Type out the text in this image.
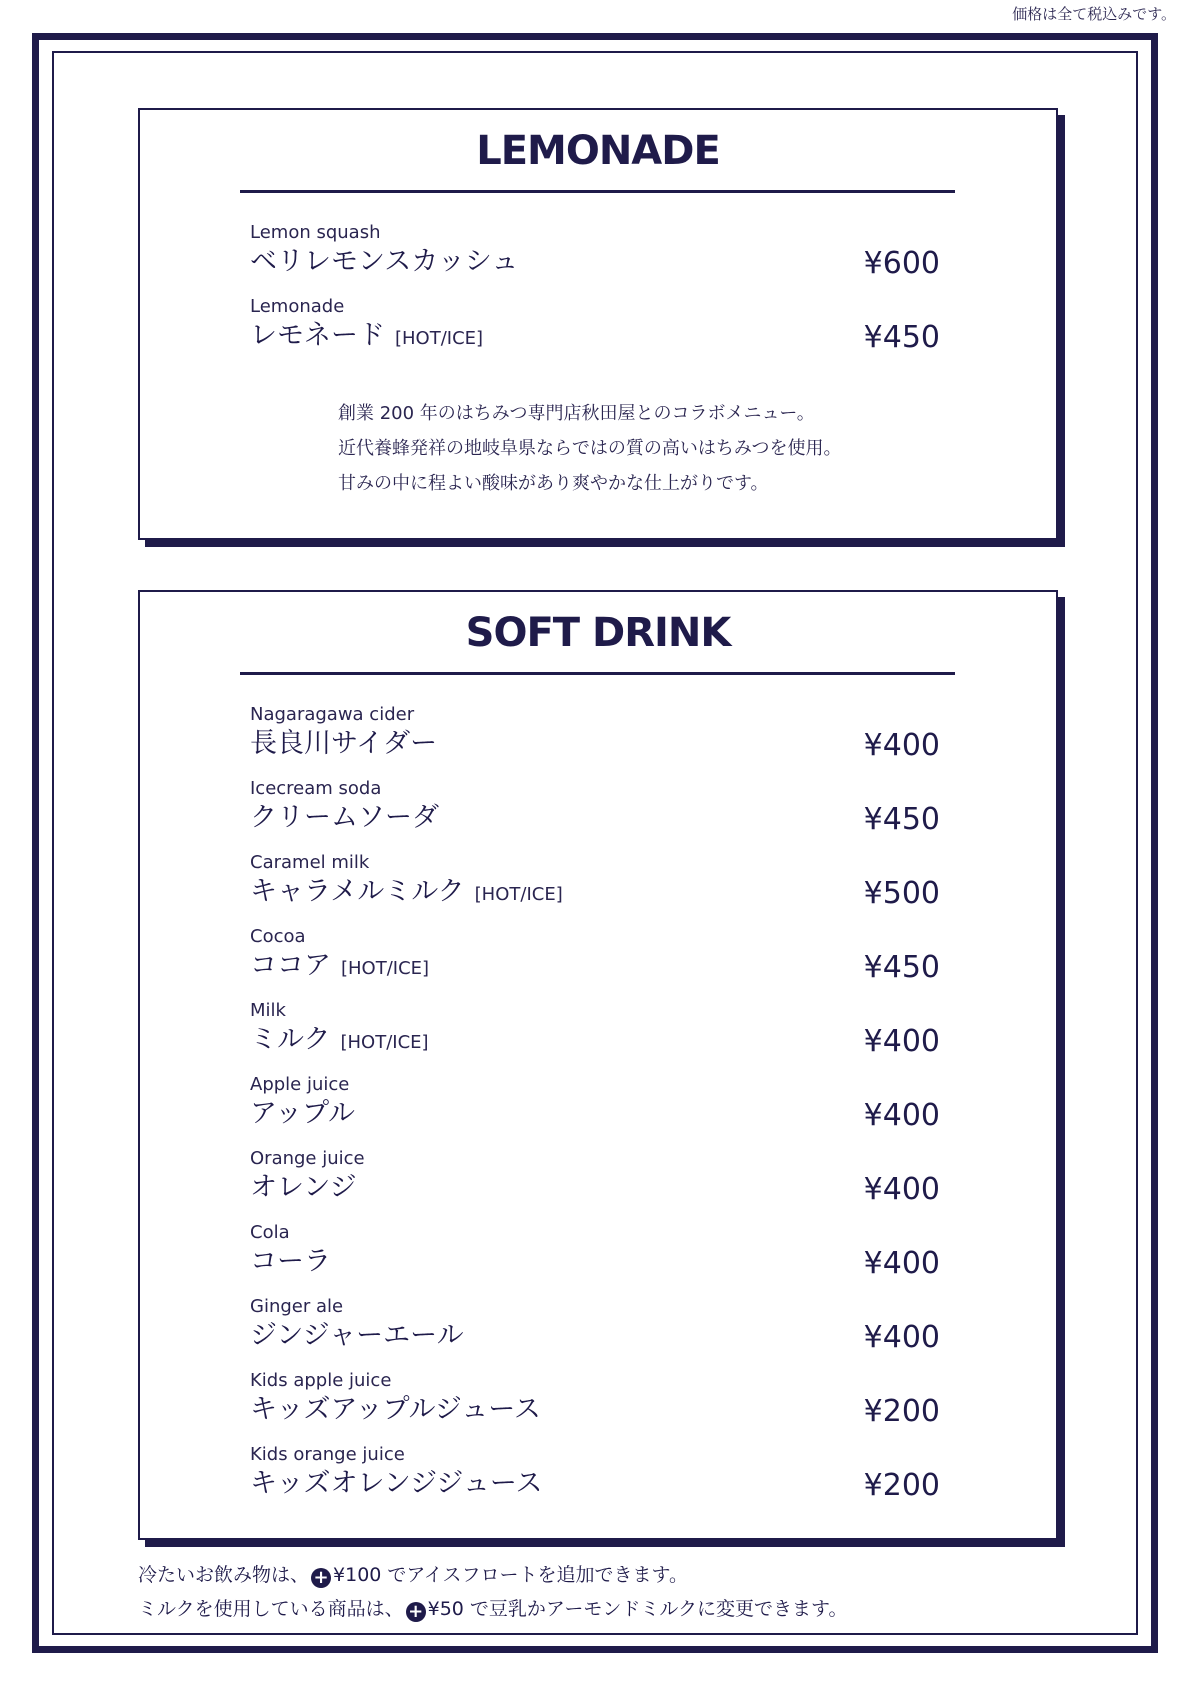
価格は全て税込みです。
LEMONADE
Lemon squash
ベリレモンスカッシュ	¥600
Lemonade
レモネード [HOT/ICE]	¥450
創業 200 年のはちみつ専門店秋田屋とのコラボメニュー。
近代養蜂発祥の地岐阜県ならではの質の高いはちみつを使用。
甘みの中に程よい酸味があり爽やかな仕上がりです。
SOFT DRINK
Nagaragawa cider
長良川サイダー	¥400
Icecream soda
クリームソーダ	¥450
Caramel milk
キャラメルミルク [HOT/ICE]	¥500
Cocoa
ココア [HOT/ICE]	¥450
Milk
ミルク [HOT/ICE]	¥400
Apple juice
アップル	¥400
Orange juice
オレンジ	¥400
Cola
コーラ	¥400
Ginger ale
ジンジャーエール	¥400
Kids apple juice
キッズアップルジュース	¥200
Kids orange juice
キッズオレンジジュース	¥200
冷たいお飲み物は、 + ¥100 でアイスフロートを追加できます。
ミルクを使用している商品は、 + ¥50 で豆乳かアーモンドミルクに変更できます。
